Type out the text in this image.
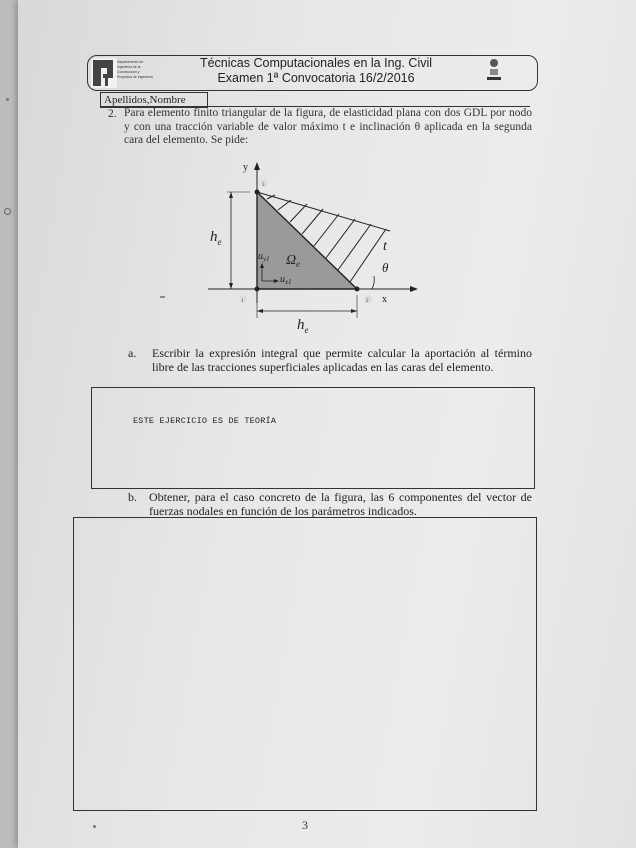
Departamento de
Ingeniería de la
Construcción y
Proyectos de Ingeniería
Técnicas Computacionales en la Ing. Civil
Examen 1ª Convocatoria 16/2/2016
Apellidos,Nombre
2. Para elemento finito triangular de la figura, de elasticidad plana con dos GDL por nodo y con una tracción variable de valor máximo t e inclinación θ aplicada en la segunda cara del elemento. Se pide:
y
x
1	2
3
$h_e$
$h_e$
$\Omega_e$
$u_{y1}$
$u_{x1}$
t
θ
a. Escribir la expresión integral que permite calcular la aportación al término libre de las tracciones superficiales aplicadas en las caras del elemento.
ESTE EJERCICIO ES DE TEORÍA
b. Obtener, para el caso concreto de la figura, las 6 componentes del vector de fuerzas nodales en función de los parámetros indicados.
3
